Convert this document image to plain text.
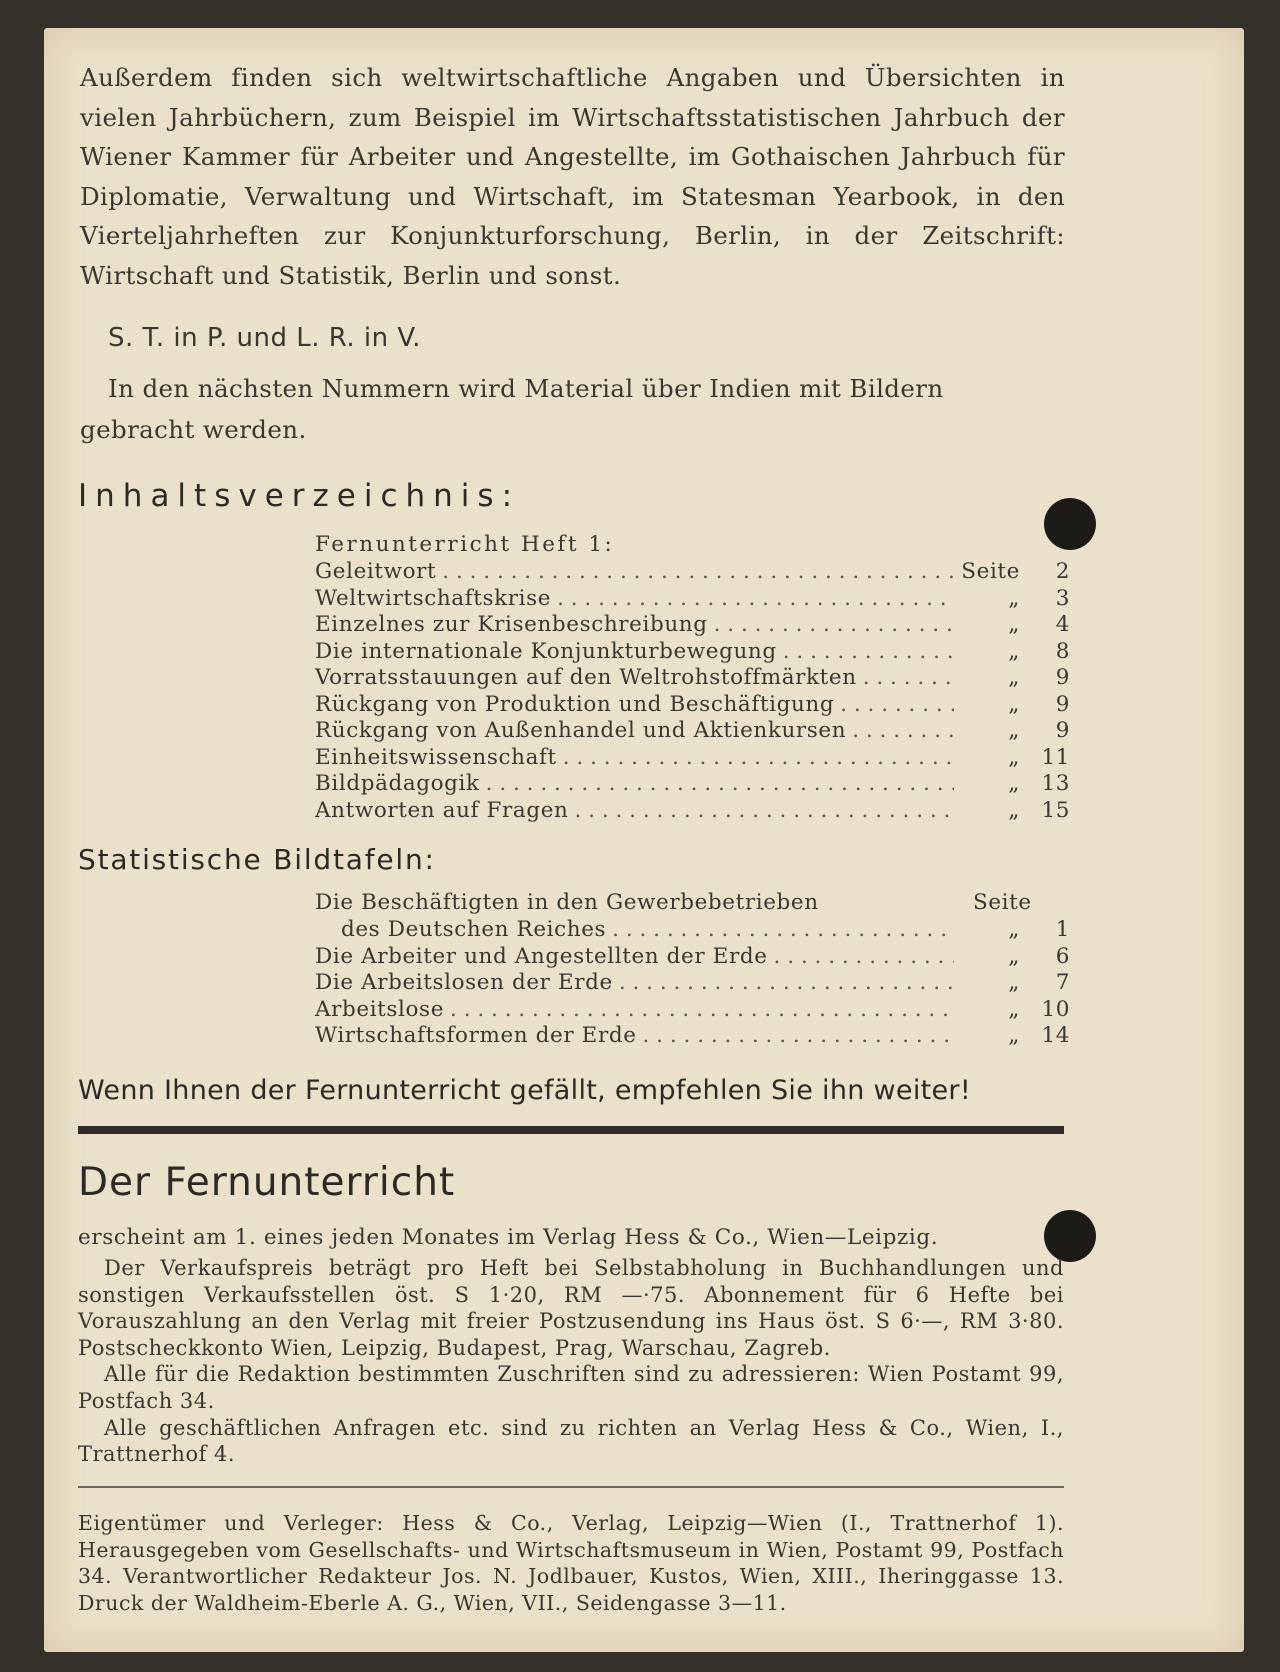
Außerdem finden sich weltwirtschaftliche Angaben und Übersichten in vielen Jahrbüchern, zum Beispiel im Wirtschaftsstatistischen Jahrbuch der Wiener Kammer für Arbeiter und Angestellte, im Gothaischen Jahrbuch für Diplomatie, Verwaltung und Wirtschaft, im Statesman Yearbook, in den Vierteljahrheften zur Konjunkturforschung, Berlin, in der Zeitschrift: Wirtschaft und Statistik, Berlin und sonst.
S. T. in P. und L. R. in V.
In den nächsten Nummern wird Material über Indien mit Bildern gebracht werden.
Inhaltsverzeichnis:
Fernunterricht Heft 1:
Geleitwort . . .	Seite	2
Weltwirtschaftskrise . . .	„	3
Einzelnes zur Krisenbeschreibung . . .	„	4
Die internationale Konjunkturbewegung . . .	„	8
Vorratsstauungen auf den Weltrohstoffmärkten . . .	„	9
Rückgang von Produktion und Beschäftigung . . .	„	9
Rückgang von Außenhandel und Aktienkursen . . .	„	9
Einheitswissenschaft . . .	„ 11
Bildpädagogik . . .	„ 13
Antworten auf Fragen . . .	„ 15
Statistische Bildtafeln:
Die Beschäftigten in den Gewerbebetrieben	Seite
des Deutschen Reiches . . .	„	1
Die Arbeiter und Angestellten der Erde . . .	„	6
Die Arbeitslosen der Erde . . .	„	7
Arbeitslose . . .	„ 10
Wirtschaftsformen der Erde . . .	„ 14
Wenn Ihnen der Fernunterricht gefällt, empfehlen Sie ihn weiter!
Der Fernunterricht
erscheint am 1. eines jeden Monates im Verlag Hess & Co., Wien—Leipzig.

Der Verkaufspreis beträgt pro Heft bei Selbstabholung in Buchhandlungen und sonstigen Verkaufsstellen öst. S 1·20, RM —·75. Abonnement für 6 Hefte bei Vorauszahlung an den Verlag mit freier Postzusendung ins Haus öst. S 6·—, RM 3·80. Postscheckkonto Wien, Leipzig, Budapest, Prag, Warschau, Zagreb.

Alle für die Redaktion bestimmten Zuschriften sind zu adressieren: Wien Postamt 99, Postfach 34.

Alle geschäftlichen Anfragen etc. sind zu richten an Verlag Hess & Co., Wien, I., Trattnerhof 4.

Eigentümer und Verleger: Hess & Co., Verlag, Leipzig—Wien (I., Trattnerhof 1). Herausgegeben vom Gesellschafts- und Wirtschaftsmuseum in Wien, Postamt 99, Postfach 34. Verantwortlicher Redakteur Jos. N. Jodlbauer, Kustos, Wien, XIII., Iheringgasse 13. Druck der Waldheim-Eberle A. G., Wien, VII., Seidengasse 3—11.
